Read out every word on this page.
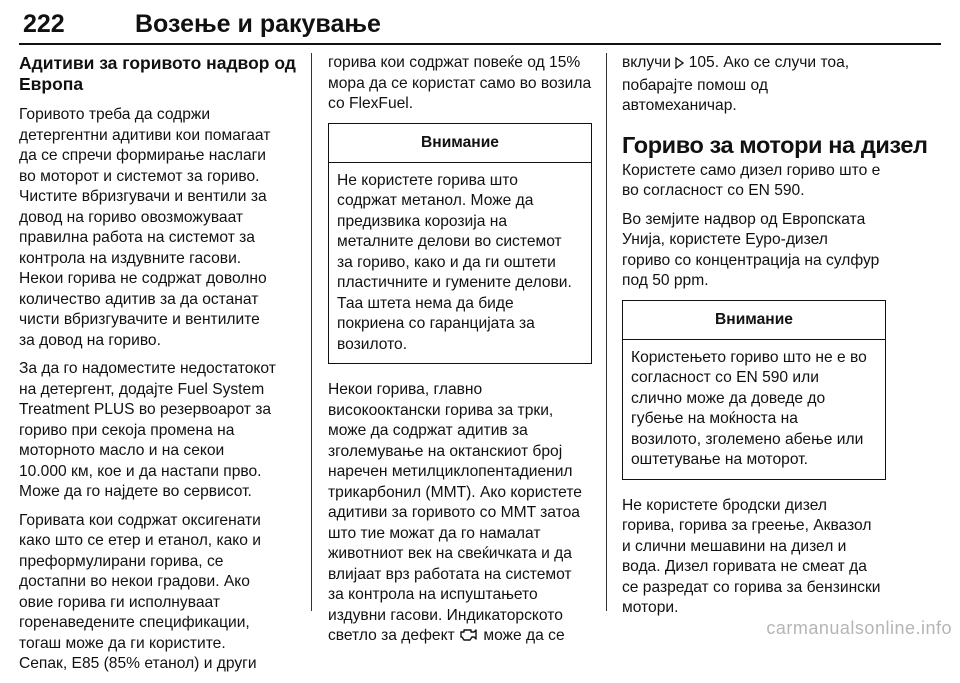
222	Возење и ракување
Адитиви за горивото надвор од
Европа
Горивото треба да содржи
детергентни адитиви кои помагаат
да се спречи формирање наслаги
во моторот и системот за гориво.
Чистите вбризгувачи и вентили за
довод на гориво овозможуваат
правилна работа на системот за
контрола на издувните гасови.
Некои горива не содржат доволно
количество адитив за да останат
чисти вбризгувачите и вентилите
за довод на гориво.
За да го надоместите недостатокот
на детергент, додајте Fuel System
Treatment PLUS во резервоарот за
гориво при секоја промена на
моторното масло и на секои
10.000 км, кое и да настапи прво.
Може да го најдете во сервисот.
Горивата кои содржат оксигенати
како што се етер и етанол, како и
преформулирани горива, се
достапни во некои градови. Ако
овие горива ги исполнуваат
горенаведените спецификации,
тогаш може да ги користите.
Сепак, E85 (85% етанол) и други
горива кои содржат повеќе од 15%
мора да се користат само во возила
со FlexFuel.
Внимание
Не користете горива што
содржат метанол. Може да
предизвика корозија на
металните делови во системот
за гориво, како и да ги оштети
пластичните и гумените делови.
Таа штета нема да биде
покриена со гаранцијата за
возилото.
Некои горива, главно
високооктански горива за трки,
може да содржат адитив за
зголемување на октанскиот број
наречен метилциклопентадиенил
трикарбонил (MMT). Ако користете
адитиви за горивото со MMT затоа
што тие можат да го намалат
животниот век на свеќичката и да
влијаат врз работата на системот
за контрола на испуштањето
издувни гасови. Индикаторското
светло за дефект може да се
вклучи 105. Ако се случи тоа,
побарајте помош од
автомеханичар.
Гориво за мотори на дизел
Користете само дизел гориво што е
во согласност со EN 590.
Во земјите надвор од Европската
Унија, користете Еуро-дизел
гориво со концентрација на сулфур
под 50 ppm.
Внимание
Користењето гориво што не е во
согласност со EN 590 или
слично може да доведе до
губење на моќноста на
возилото, зголемено абење или
оштетување на моторот.
Не користете бродски дизел
горива, горива за греење, Аквазол
и слични мешавини на дизел и
вода. Дизел горивата не смеат да
се разредат со горива за бензински
мотори.
carmanualsonline.info
